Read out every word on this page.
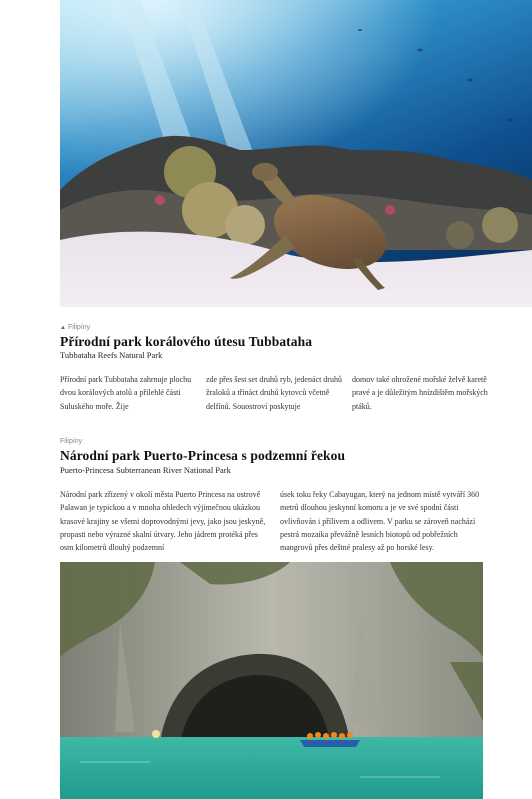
▲ Filipíny
Přírodní park korálového útesu Tubbataha
Tubbataha Reefs Natural Park
Přírodní park Tubbataha zahrnuje plochu dvou korálových atolů a přilehlé části Suluského moře. Žije
zde přes šest set druhů ryb, jedenáct druhů žraloků a třináct druhů kytovců včetně delfínů. Souostroví poskytuje
domov také ohrožené mořské želvě karetě pravé a je důležitým hnízdištěm mořských ptáků.
Filipíny
Národní park Puerto-Princesa s podzemní řekou
Puerto-Princesa Subterranean River National Park
Národní park zřízený v okolí města Puerto Princesa na ostrově Palawan je typickou a v mnoha ohledech výjimečnou ukázkou krasové krajiny se všemi doprovodnými jevy, jako jsou jeskyně, propasti nebo výrazné skalní útvary. Jeho jádrem protéká přes osm kilometrů dlouhý podzemní
úsek toku řeky Cabayugan, který na jednom místě vytváří 360 metrů dlouhou jeskynní komoru a je ve své spodní části ovlivňován i přílivem a odlivem. V parku se zároveň nachází pestrá mozaika převážně lesních biotopů od pobřežních mangrovů přes deštné pralesy až po horské lesy.
